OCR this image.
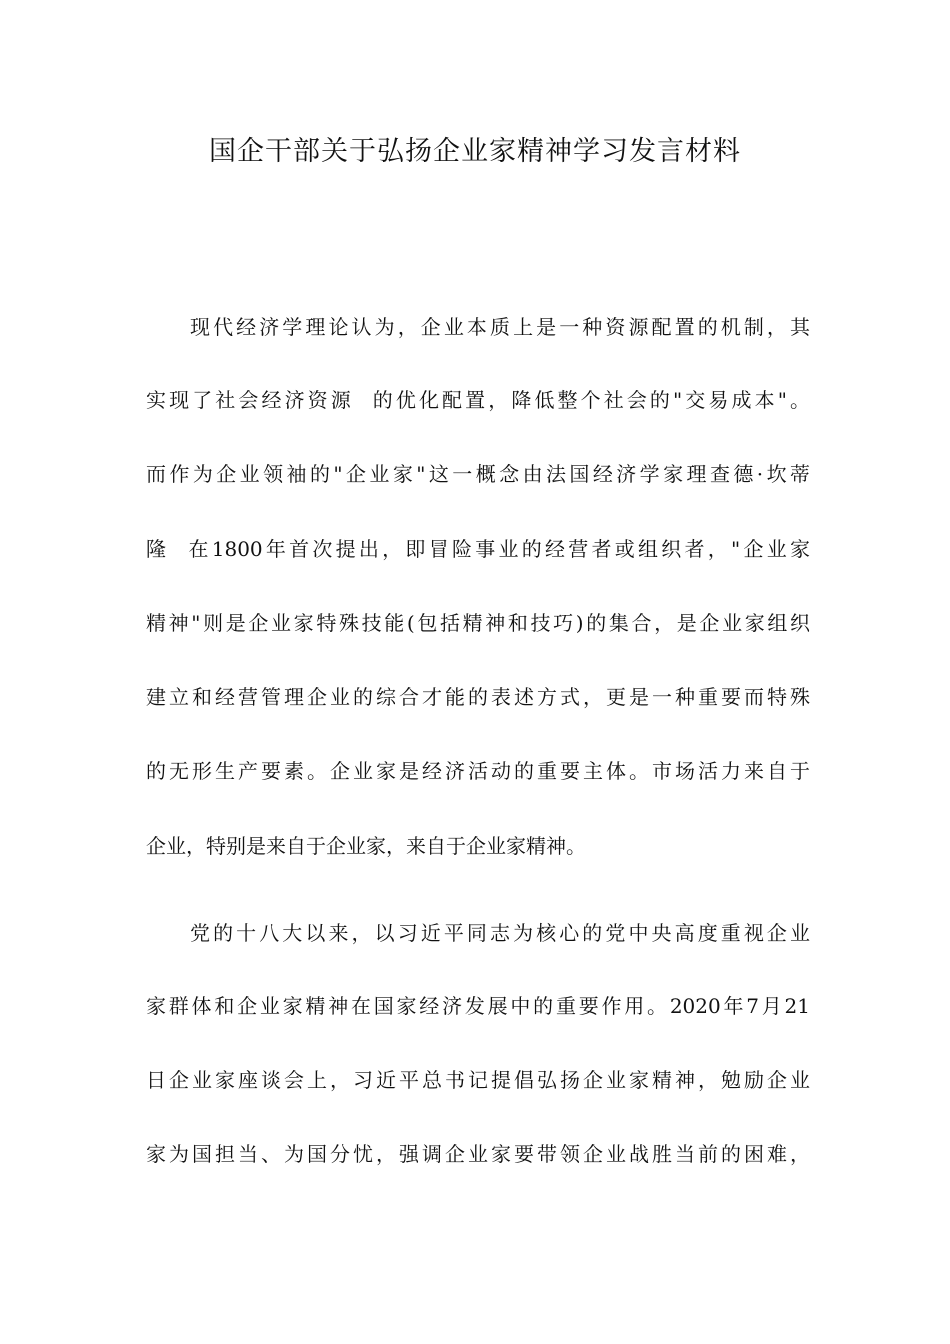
国企干部关于弘扬企业家精神学习发言材料
现代经济学理论认为，企业本质上是一种资源配置的机制，其
实现了社会经济资源  的优化配置，降低整个社会的"交易成本"。
而作为企业领袖的"企业家"这一概念由法国经济学家理查德·坎蒂
隆  在1800年首次提出，即冒险事业的经营者或组织者，"企业家
精神"则是企业家特殊技能(包括精神和技巧)的集合，是企业家组织
建立和经营管理企业的综合才能的表述方式，更是一种重要而特殊
的无形生产要素。企业家是经济活动的重要主体。市场活力来自于
企业，特别是来自于企业家，来自于企业家精神。
党的十八大以来，以习近平同志为核心的党中央高度重视企业
家群体和企业家精神在国家经济发展中的重要作用。2020年7月21
日企业家座谈会上，习近平总书记提倡弘扬企业家精神，勉励企业
家为国担当、为国分忧，强调企业家要带领企业战胜当前的困难，
